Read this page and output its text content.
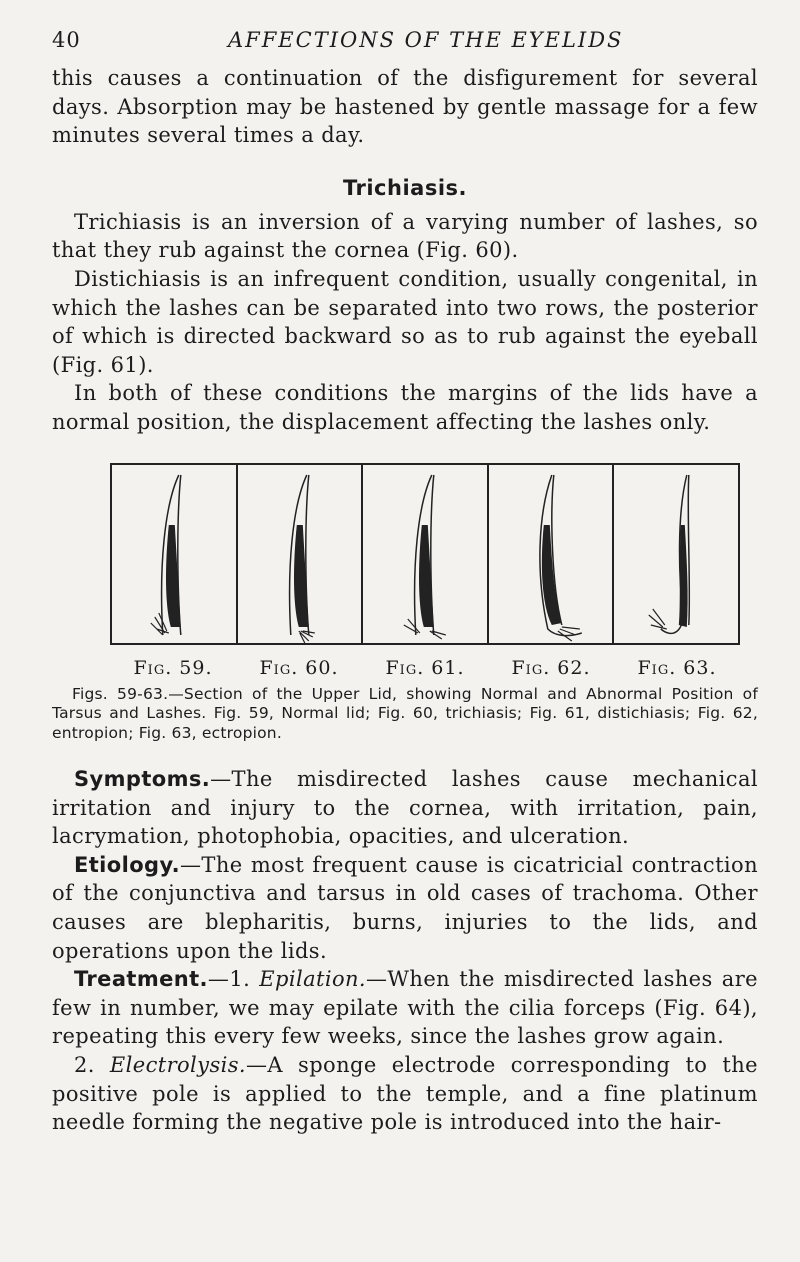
40	AFFECTIONS OF THE EYELIDS

this causes a continuation of the disfigurement for several days. Absorption may be hastened by gentle massage for a few minutes several times a day.

Trichiasis.

Trichiasis is an inversion of a varying number of lashes, so that they rub against the cornea (Fig. 60).

Distichiasis is an infrequent condition, usually congenital, in which the lashes can be separated into two rows, the posterior of which is directed backward so as to rub against the eyeball (Fig. 61).

In both of these conditions the margins of the lids have a normal position, the displacement affecting the lashes only.

Fig. 59.	Fig. 60.	Fig. 61.	Fig. 62.	Fig. 63.

Figs. 59-63.—Section of the Upper Lid, showing Normal and Abnormal Position of Tarsus and Lashes. Fig. 59, Normal lid; Fig. 60, trichiasis; Fig. 61, distichiasis; Fig. 62, entropion; Fig. 63, ectropion.

Symptoms.—The misdirected lashes cause mechanical irritation and injury to the cornea, with irritation, pain, lacrymation, photophobia, opacities, and ulceration.

Etiology.—The most frequent cause is cicatricial contraction of the conjunctiva and tarsus in old cases of trachoma. Other causes are blepharitis, burns, injuries to the lids, and operations upon the lids.

Treatment.—1. Epilation.—When the misdirected lashes are few in number, we may epilate with the cilia forceps (Fig. 64), repeating this every few weeks, since the lashes grow again.

2. Electrolysis.—A sponge electrode corresponding to the positive pole is applied to the temple, and a fine platinum needle forming the negative pole is introduced into the hair-
